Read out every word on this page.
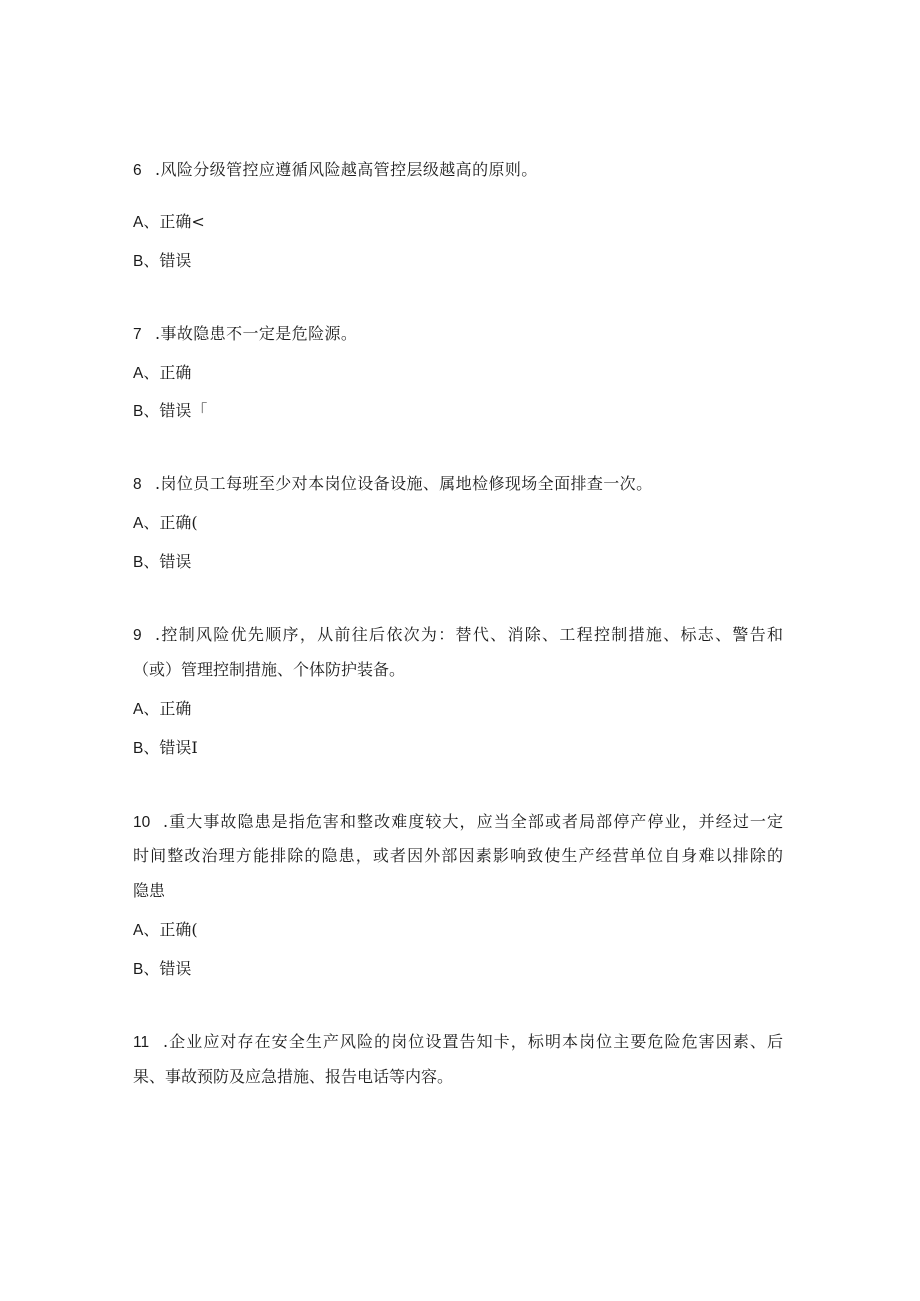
6 .风险分级管控应遵循风险越高管控层级越高的原则。
A、正确<
B、错误
7 .事故隐患不一定是危险源。
A、正确
B、错误「
8 .岗位员工每班至少对本岗位设备设施、属地检修现场全面排查一次。
A、正确(
B、错误
9 .控制风险优先顺序，从前往后依次为：替代、消除、工程控制措施、标志、警告和
（或）管理控制措施、个体防护装备。
A、正确
B、错误I
10 .重大事故隐患是指危害和整改难度较大，应当全部或者局部停产停业，并经过一定
时间整改治理方能排除的隐患，或者因外部因素影响致使生产经营单位自身难以排除的
隐患
A、正确(
B、错误
11 .企业应对存在安全生产风险的岗位设置告知卡，标明本岗位主要危险危害因素、后
果、事故预防及应急措施、报告电话等内容。
